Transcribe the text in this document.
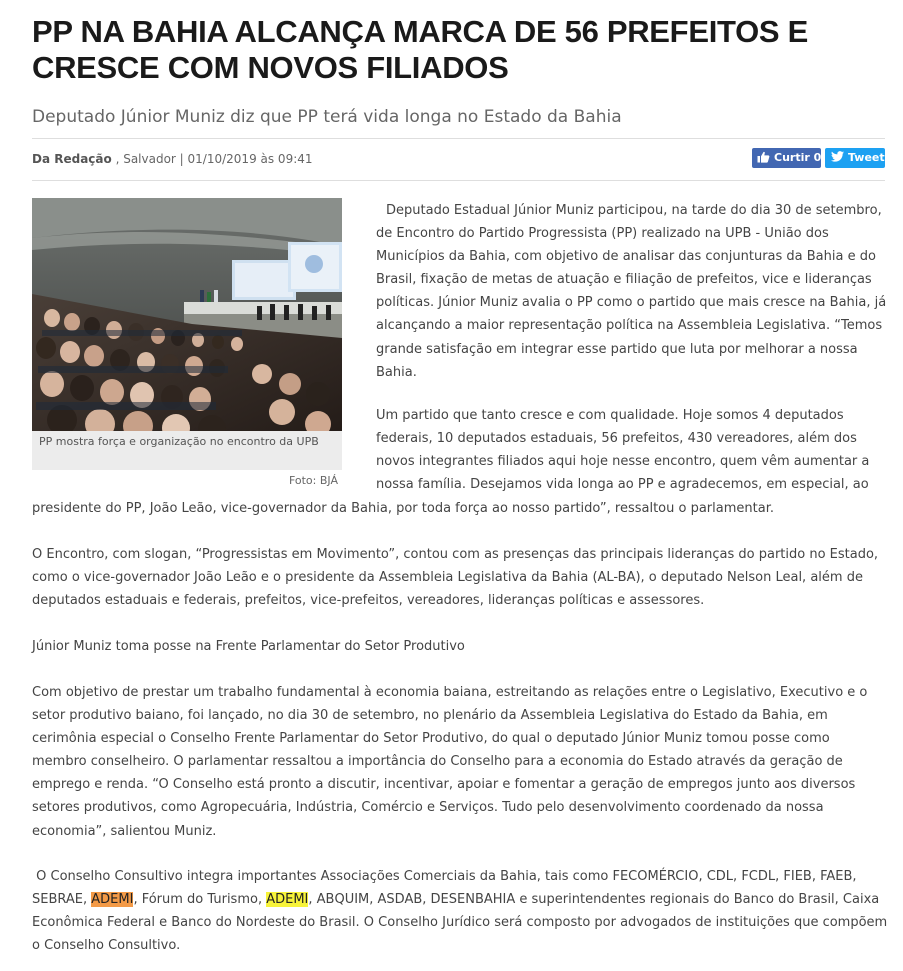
PP NA BAHIA ALCANÇA MARCA DE 56 PREFEITOS E CRESCE COM NOVOS FILIADOS
Deputado Júnior Muniz diz que PP terá vida longa no Estado da Bahia
Da Redação , Salvador | 01/10/2019 às 09:41	Curtir 0	Tweet
PP mostra força e organização no encontro da UPB
Foto: BJÁ
Deputado Estadual Júnior Muniz participou, na tarde do dia 30 de setembro,
de Encontro do Partido Progressista (PP) realizado na UPB - União dos
Municípios da Bahia, com objetivo de analisar das conjunturas da Bahia e do
Brasil, fixação de metas de atuação e filiação de prefeitos, vice e lideranças
políticas. Júnior Muniz avalia o PP como o partido que mais cresce na Bahia, já
alcançando a maior representação política na Assembleia Legislativa. “Temos
grande satisfação em integrar esse partido que luta por melhorar a nossa
Bahia.
Um partido que tanto cresce e com qualidade. Hoje somos 4 deputados
federais, 10 deputados estaduais, 56 prefeitos, 430 vereadores, além dos
novos integrantes filiados aqui hoje nesse encontro, quem vêm aumentar a
nossa família. Desejamos vida longa ao PP e agradecemos, em especial, ao
presidente do PP, João Leão, vice-governador da Bahia, por toda força ao nosso partido”, ressaltou o parlamentar.
O Encontro, com slogan, “Progressistas em Movimento”, contou com as presenças das principais lideranças do partido no Estado,
como o vice-governador João Leão e o presidente da Assembleia Legislativa da Bahia (AL-BA), o deputado Nelson Leal, além de
deputados estaduais e federais, prefeitos, vice-prefeitos, vereadores, lideranças políticas e assessores.
Júnior Muniz toma posse na Frente Parlamentar do Setor Produtivo
Com objetivo de prestar um trabalho fundamental à economia baiana, estreitando as relações entre o Legislativo, Executivo e o
setor produtivo baiano, foi lançado, no dia 30 de setembro, no plenário da Assembleia Legislativa do Estado da Bahia, em
cerimônia especial o Conselho Frente Parlamentar do Setor Produtivo, do qual o deputado Júnior Muniz tomou posse como
membro conselheiro. O parlamentar ressaltou a importância do Conselho para a economia do Estado através da geração de
emprego e renda. “O Conselho está pronto a discutir, incentivar, apoiar e fomentar a geração de empregos junto aos diversos
setores produtivos, como Agropecuária, Indústria, Comércio e Serviços. Tudo pelo desenvolvimento coordenado da nossa
economia”, salientou Muniz.
O Conselho Consultivo integra importantes Associações Comerciais da Bahia, tais como FECOMÉRCIO, CDL, FCDL, FIEB, FAEB,
SEBRAE, ADEMI, Fórum do Turismo, ADEMI, ABQUIM, ASDAB, DESENBAHIA e superintendentes regionais do Banco do Brasil, Caixa
Econômica Federal e Banco do Nordeste do Brasil. O Conselho Jurídico será composto por advogados de instituições que compõem
o Conselho Consultivo.
